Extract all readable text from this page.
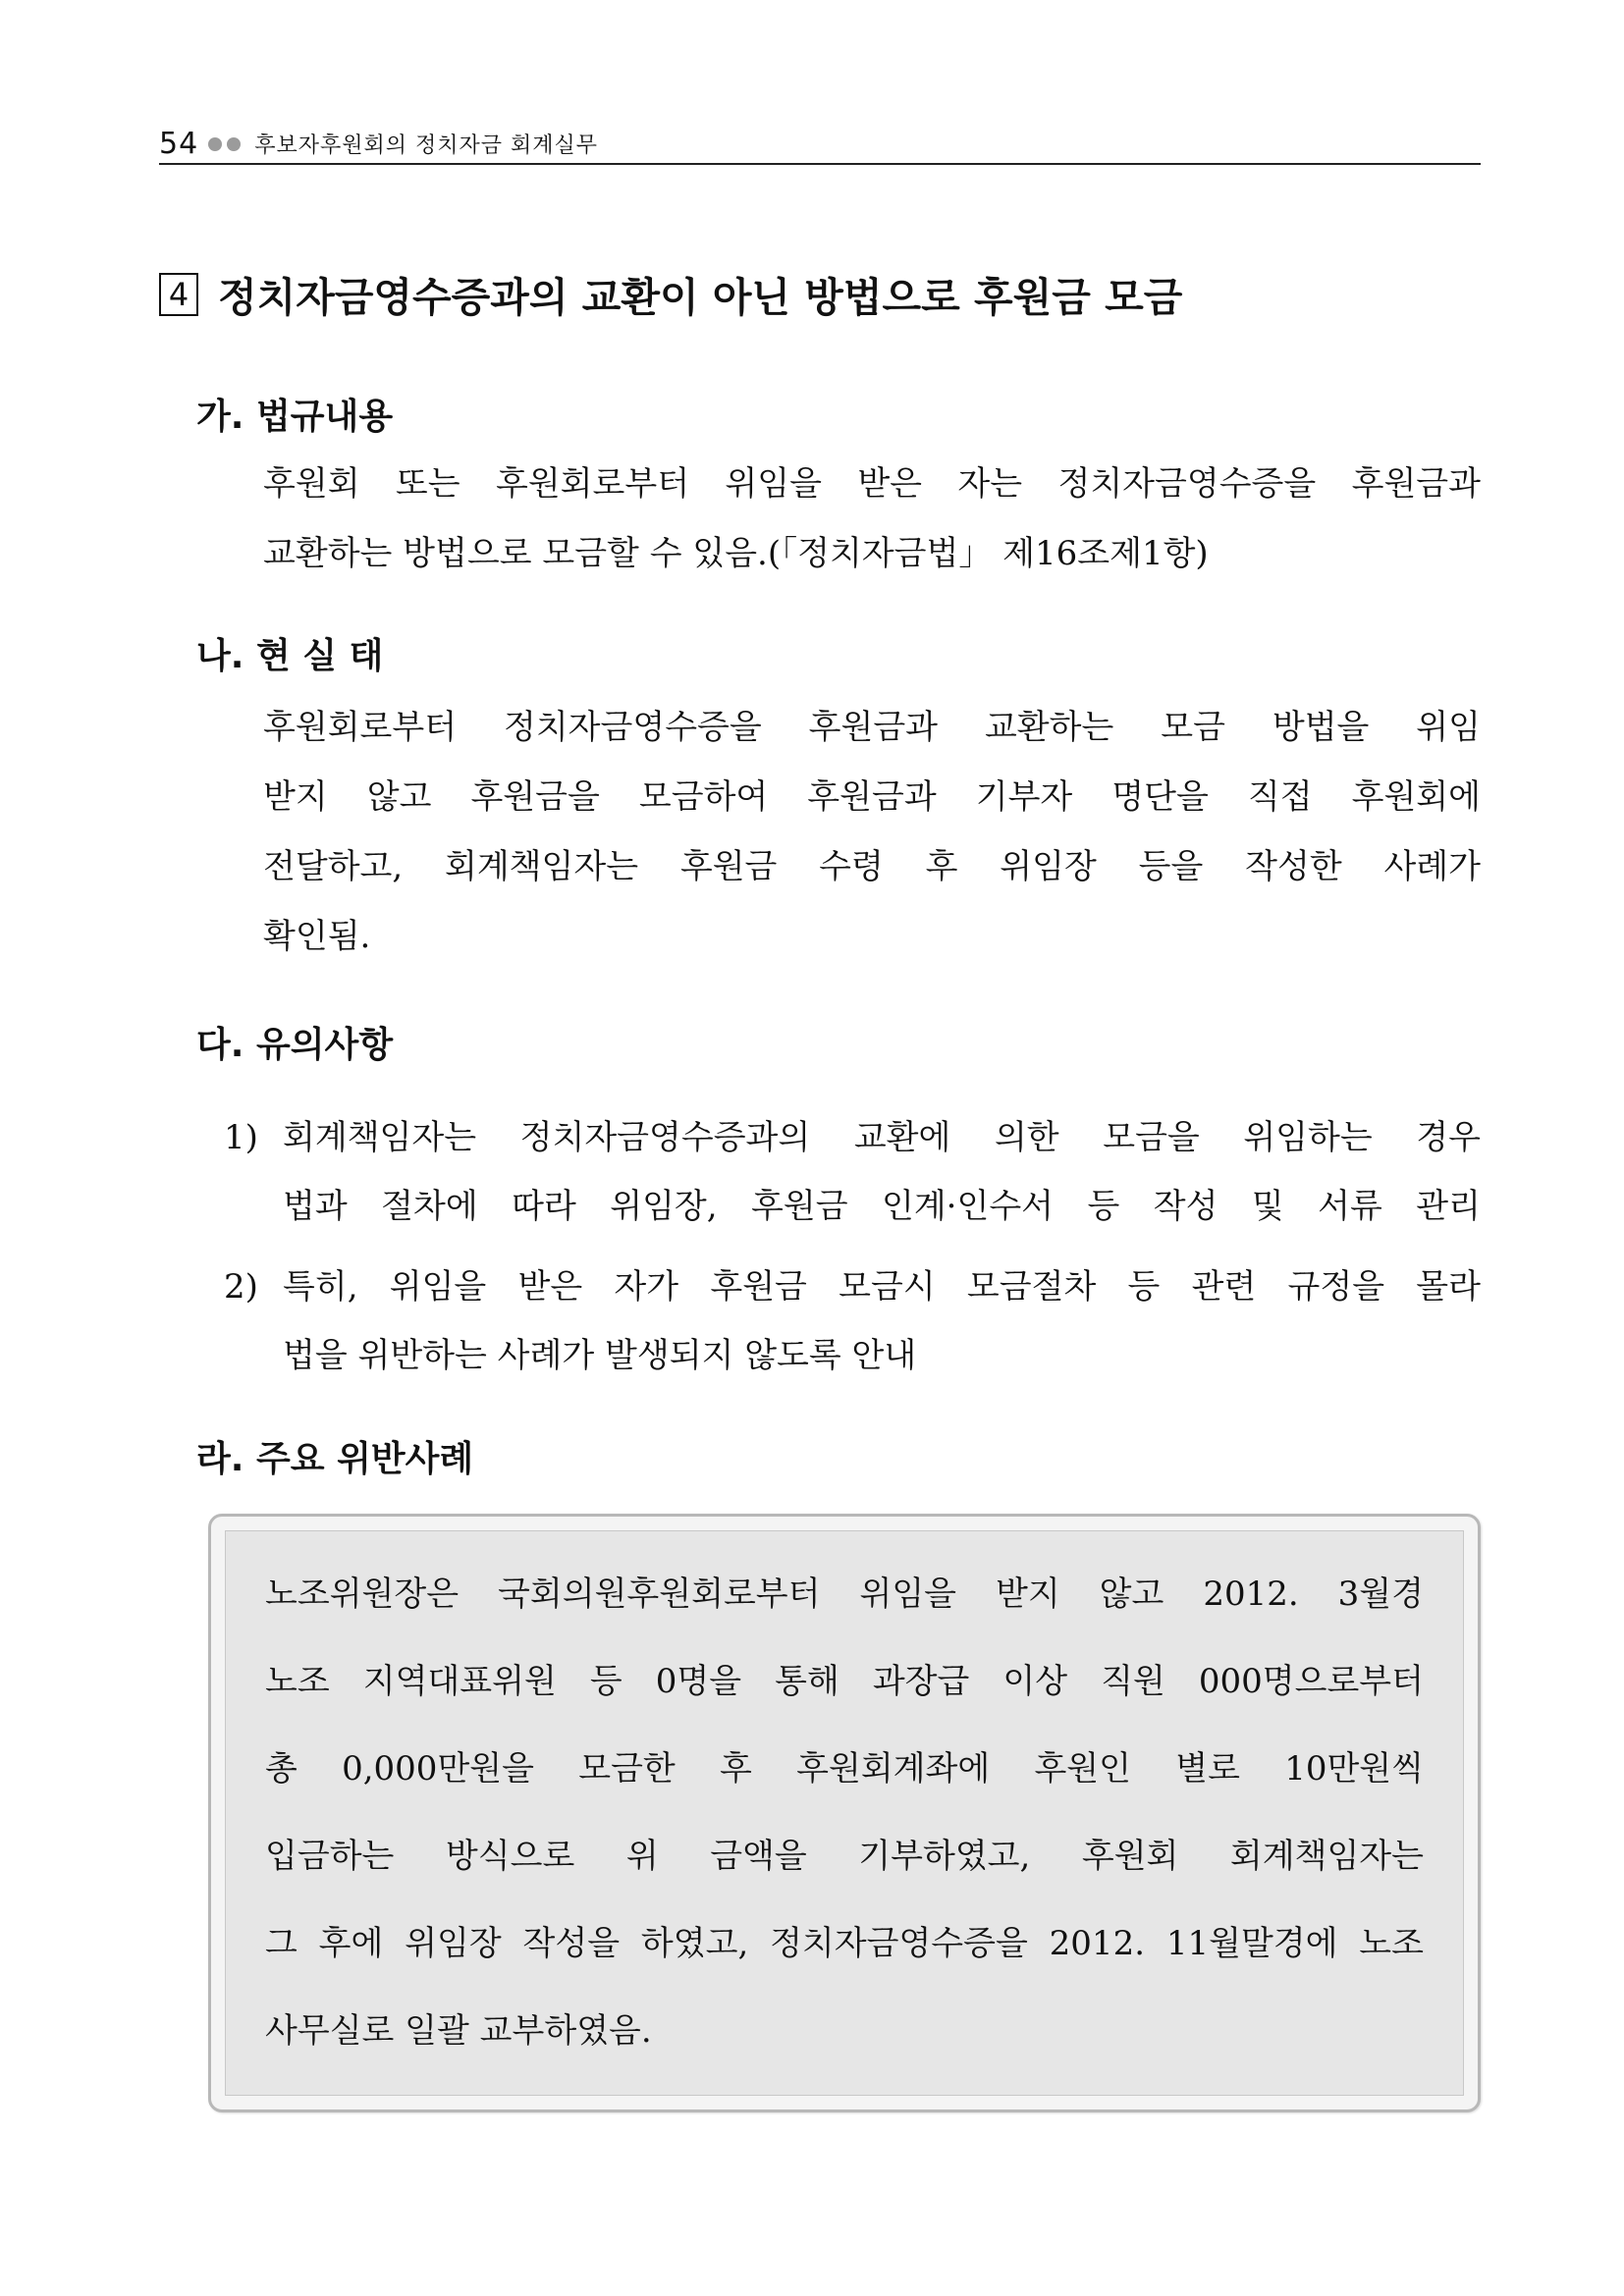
54	후보자후원회의 정치자금 회계실무
4 정치자금영수증과의 교환이 아닌 방법으로 후원금 모금
가. 법규내용
후원회 또는 후원회로부터 위임을 받은 자는 정치자금영수증을 후원금과
교환하는 방법으로 모금할 수 있음.(「정치자금법」 제16조제1항)
나. 현 실 태
후원회로부터 정치자금영수증을 후원금과 교환하는 모금 방법을 위임
받지 않고 후원금을 모금하여 후원금과 기부자 명단을 직접 후원회에
전달하고, 회계책임자는 후원금 수령 후 위임장 등을 작성한 사례가
확인됨.
다. 유의사항
1) 회계책임자는 정치자금영수증과의 교환에 의한 모금을 위임하는 경우
법과 절차에 따라 위임장, 후원금 인계·인수서 등 작성 및 서류 관리
2) 특히, 위임을 받은 자가 후원금 모금시 모금절차 등 관련 규정을 몰라
법을 위반하는 사례가 발생되지 않도록 안내
라. 주요 위반사례
노조위원장은 국회의원후원회로부터 위임을 받지 않고 2012. 3월경
노조 지역대표위원 등 0명을 통해 과장급 이상 직원 000명으로부터
총 0,000만원을 모금한 후 후원회계좌에 후원인 별로 10만원씩
입금하는 방식으로 위 금액을 기부하였고, 후원회 회계책임자는
그 후에 위임장 작성을 하였고, 정치자금영수증을 2012. 11월말경에 노조
사무실로 일괄 교부하였음.
